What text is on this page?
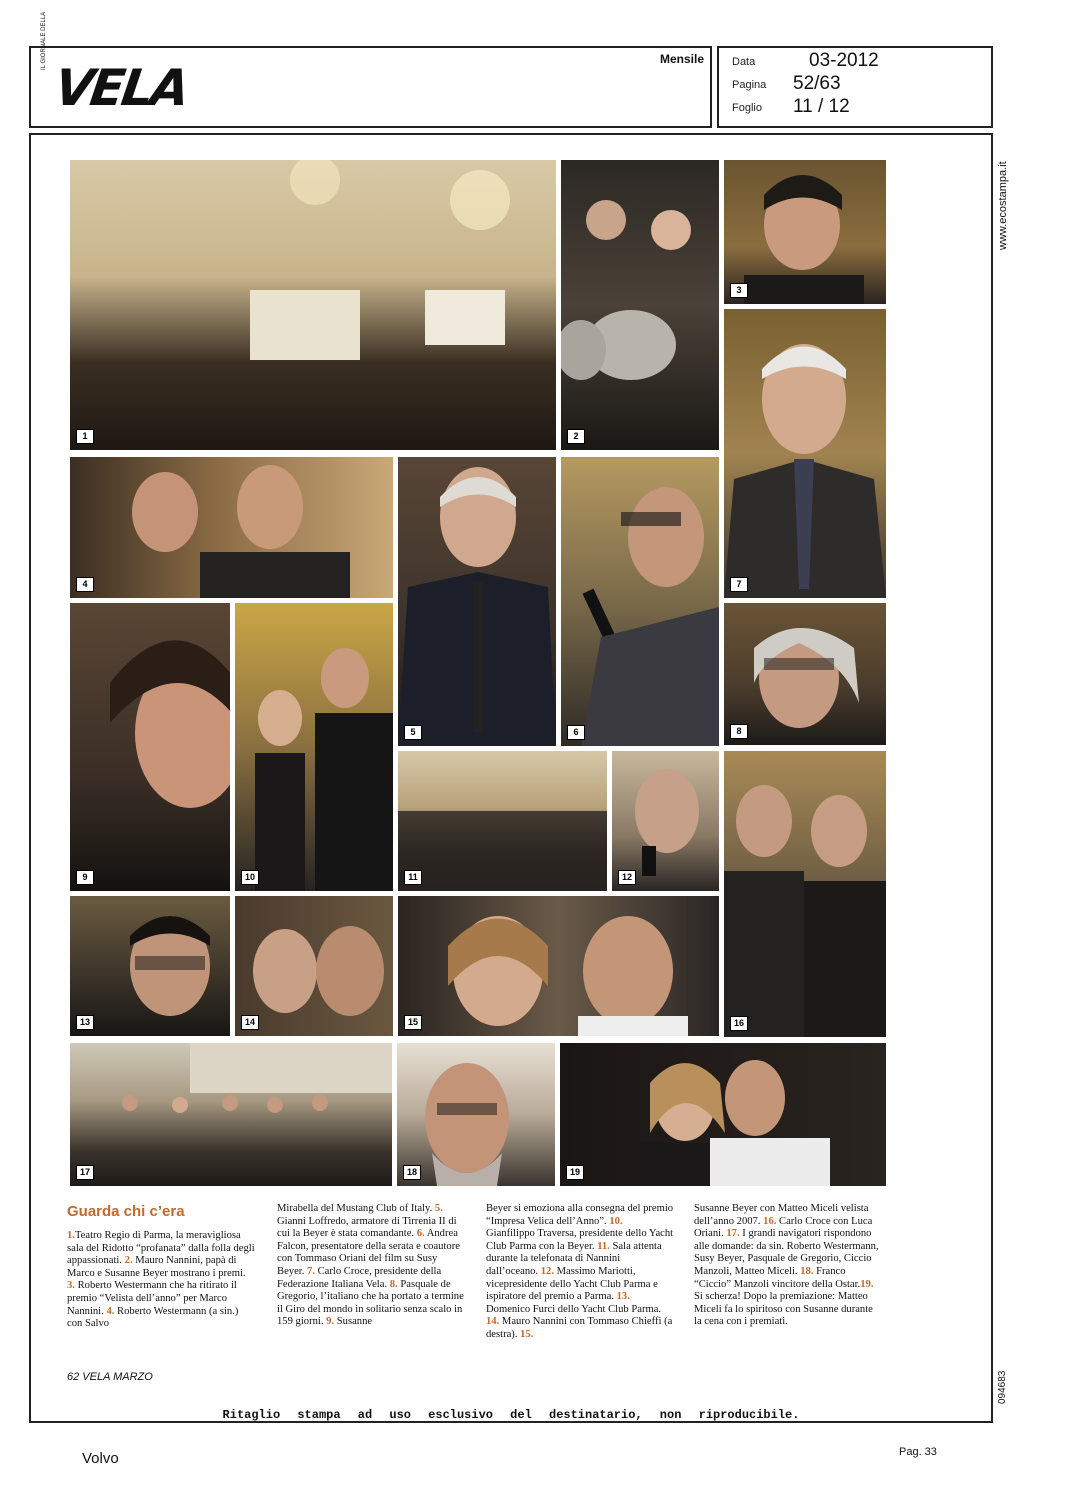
IL GIORNALE DELLA
VELA	Mensile	Data	03-2012
Pagina 52/63
Foglio 11 / 12
www.ecostampa.it
094683
1	2
3
7
4
5	6
9	10
8
11	12
16
13	14	15
17	18	19
Guarda chi c’era
1.Teatro Regio di Parma, la meravigliosa sala del Ridotto “profanata” dalla folla degli appassionati. 2. Mauro Nannini, papà di Marco e Susanne Beyer mostrano i premi. 3. Roberto Westermann che ha ritirato il premio “Velista dell’anno” per Marco Nannini. 4. Roberto Westermann (a sin.) con Salvo
Mirabella del Mustang Club of Italy. 5. Gianni Loffredo, armatore di Tirrenia II di cui la Beyer è stata comandante. 6. Andrea Falcon, presentatore della serata e coautore con Tommaso Oriani del film su Susy Beyer. 7. Carlo Croce, presidente della Federazione Italiana Vela. 8. Pasquale de Gregorio, l’italiano che ha portato a termine il Giro del mondo in solitario senza scalo in 159 giorni. 9. Susanne
Beyer si emoziona alla consegna del premio “Impresa Velica dell’Anno”. 10. Gianfilippo Traversa, presidente dello Yacht Club Parma con la Beyer. 11. Sala attenta durante la telefonata di Nannini dall’oceano. 12. Massimo Mariotti, vicepresidente dello Yacht Club Parma e ispiratore del premio a Parma. 13. Domenico Furci dello Yacht Club Parma. 14. Mauro Nannini con Tommaso Chieffi (a destra). 15.
Susanne Beyer con Matteo Miceli velista dell’anno 2007. 16. Carlo Croce con Luca Oriani. 17. I grandi navigatori rispondono alle domande: da sin. Roberto Westermann, Susy Beyer, Pasquale de Gregorio, Ciccio Manzoli, Matteo Miceli. 18. Franco “Ciccio” Manzoli vincitore della Ostar.19. Si scherza! Dopo la premiazione: Matteo Miceli fa lo spiritoso con Susanne durante la cena con i premiati.
62 VELA MARZO
Ritaglio stampa ad uso esclusivo del destinatario, non riproducibile.
Volvo	Pag. 33
